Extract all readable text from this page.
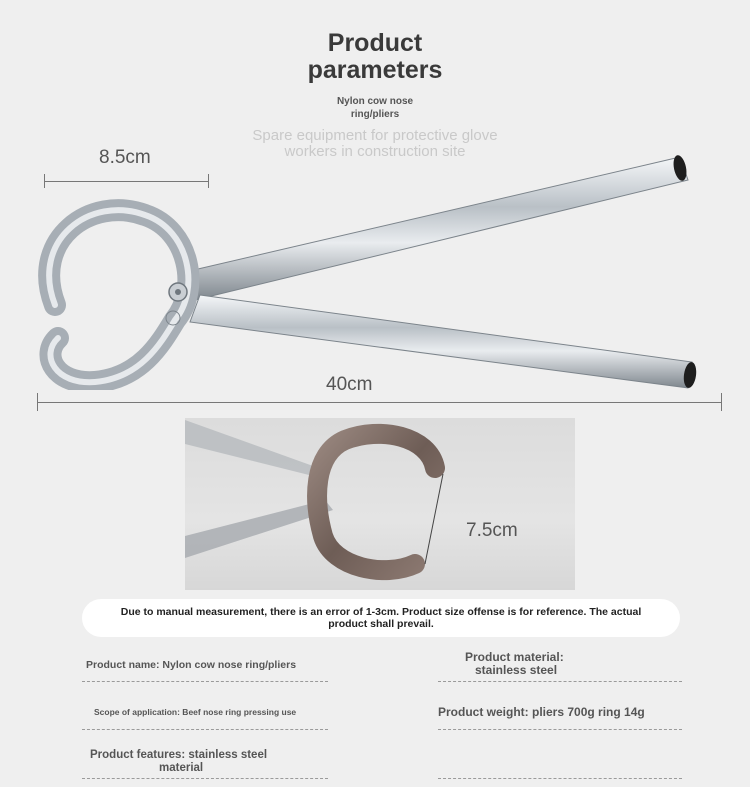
Product
parameters
Nylon cow nose
ring/pliers
Spare equipment for protective glove
workers in construction site
8.5cm
40cm
7.5cm
Due to manual measurement, there is an error of 1-3cm. Product size offense is for reference. The actual product shall prevail.
Product name: Nylon cow nose ring/pliers
Product material:
stainless steel
Scope of application: Beef nose ring pressing use	Product weight: pliers 700g ring 14g
Product features: stainless steel
material
